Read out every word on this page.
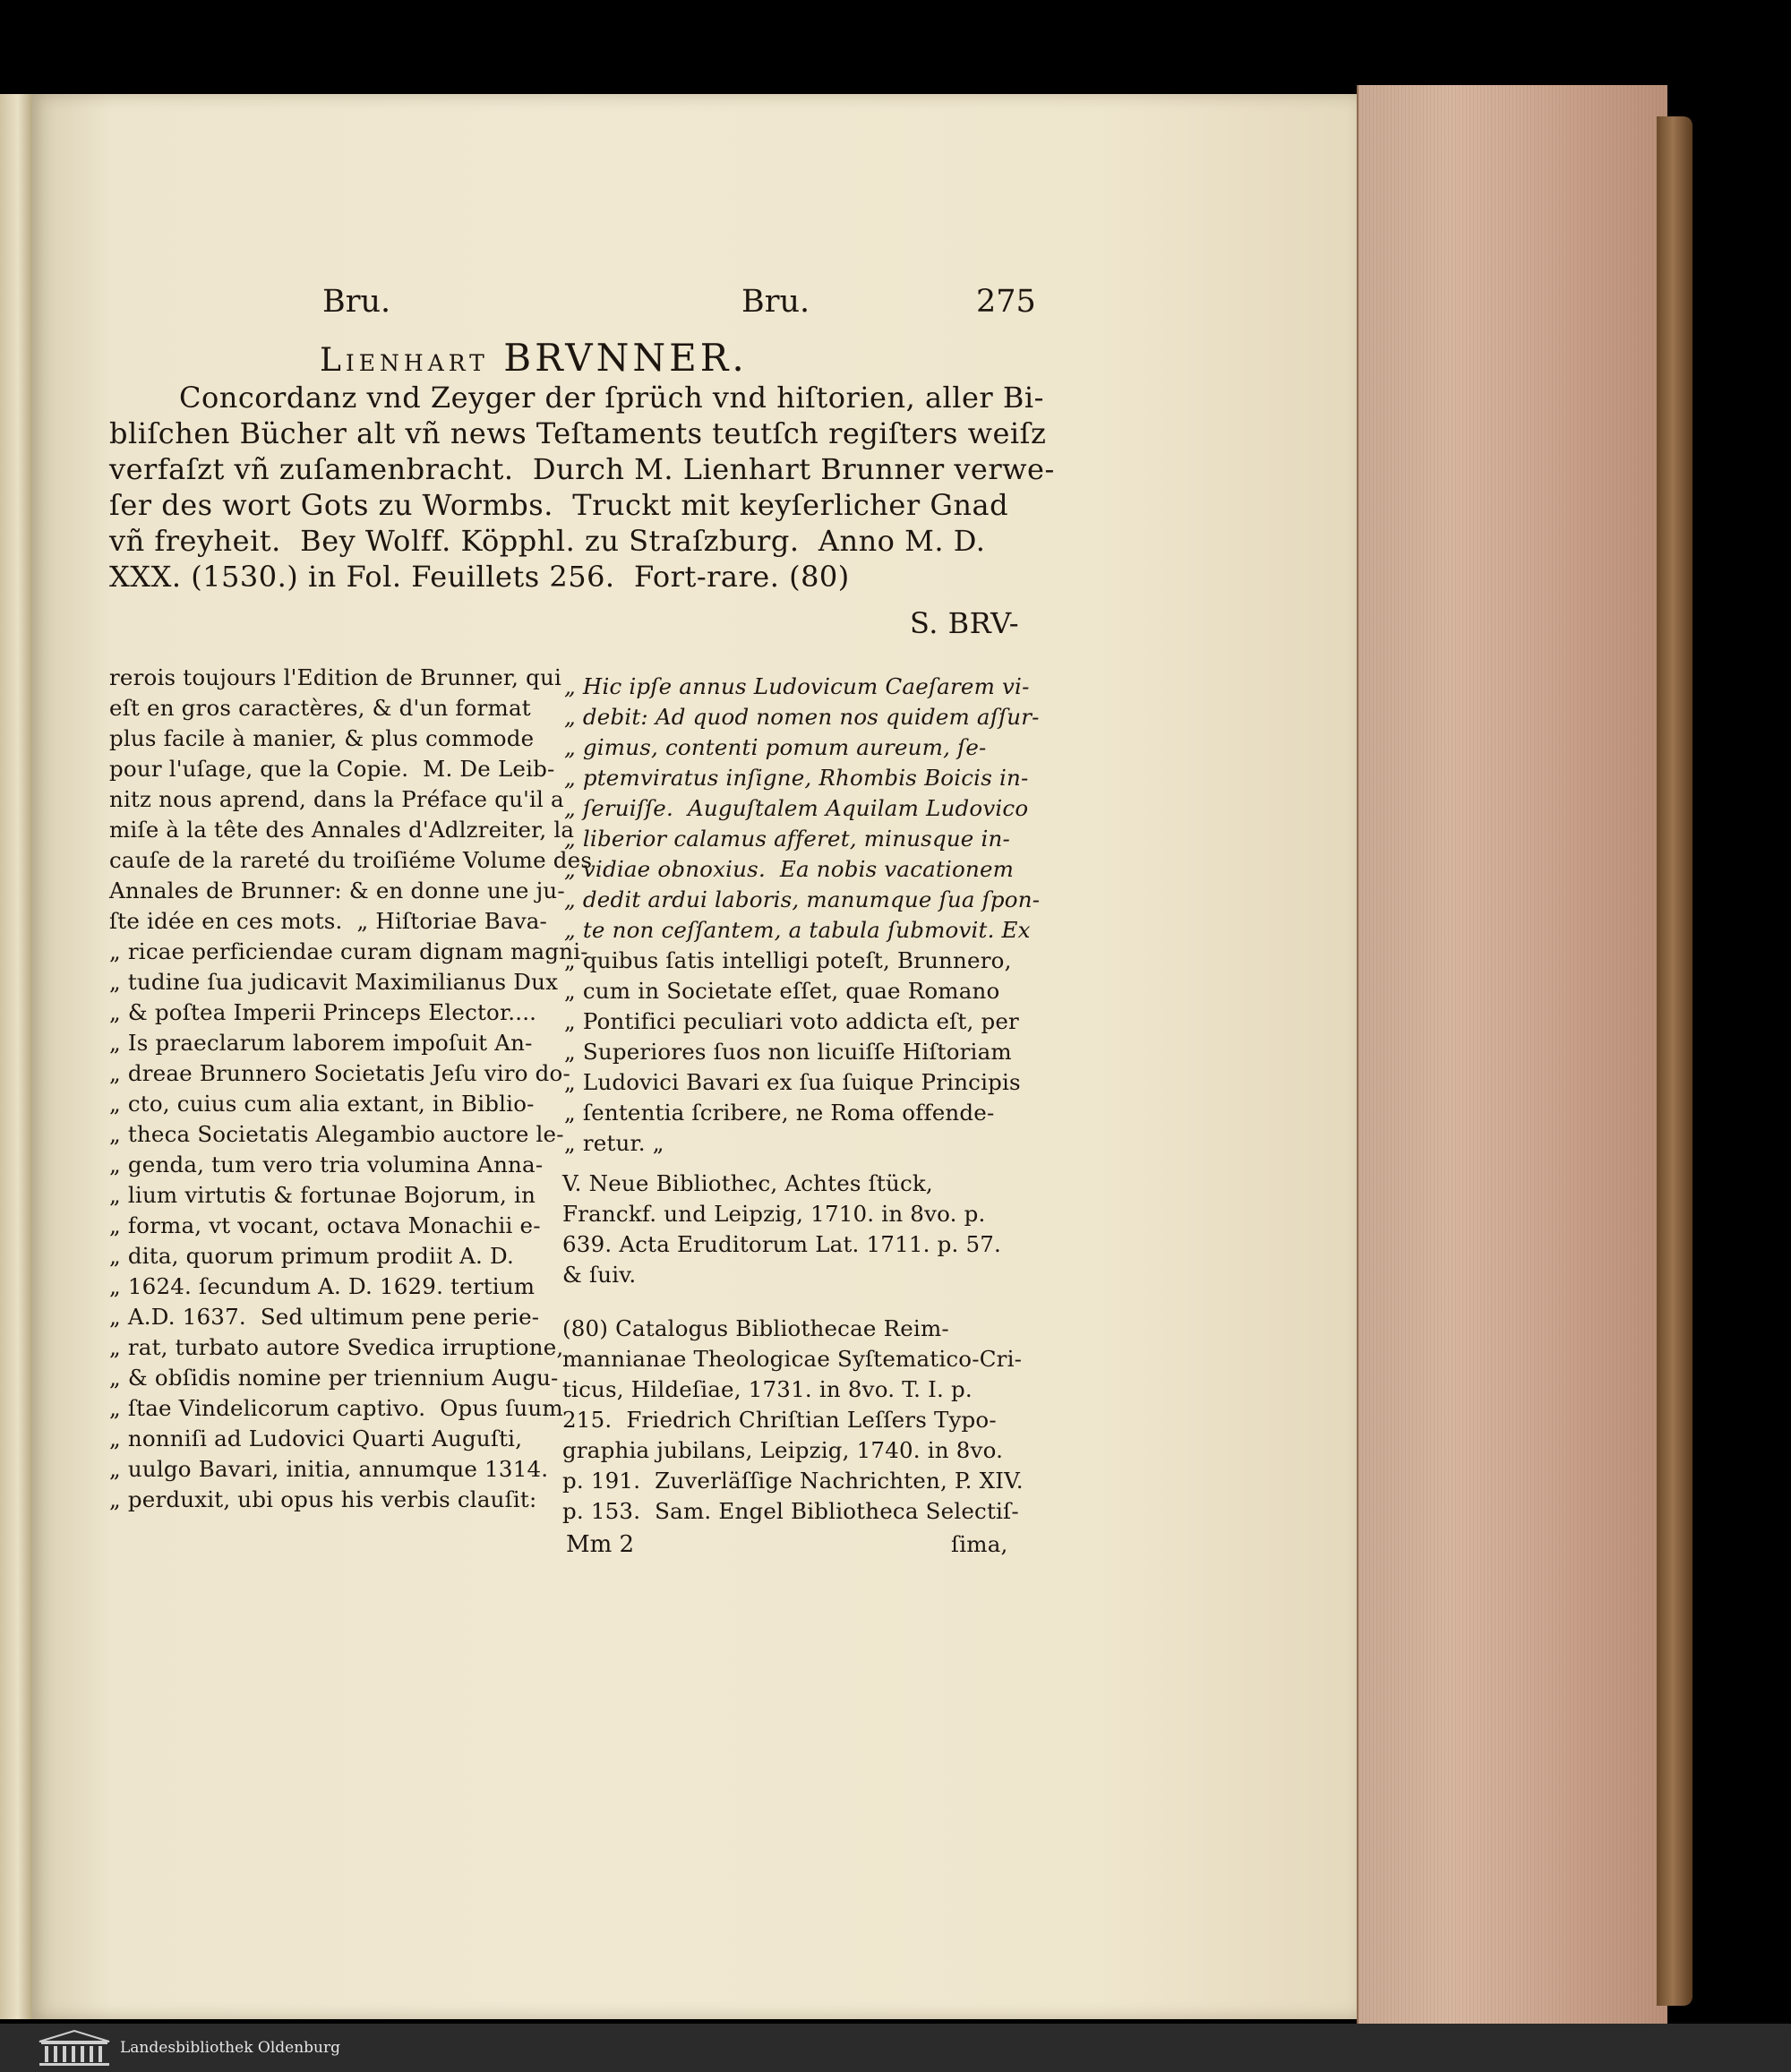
Bru.	Bru.	275
Lienhart BRVNNER.
Concordanz vnd Zeyger der ſprüch vnd hiſtorien, aller Bi-
bliſchen Bücher alt vñ news Teſtaments teutſch regiſters weiſz
verfaſzt vñ zuſamenbracht.  Durch M. Lienhart Brunner verwe-
ſer des wort Gots zu Wormbs.  Truckt mit keyſerlicher Gnad
vñ freyheit.  Bey Wolff. Köpphl. zu Straſzburg.  Anno M. D.
XXX. (1530.) in Fol. Feuillets 256.  Fort-rare. (80)
S. BRV-
rerois toujours l'Edition de Brunner, qui
eſt en gros caractères, & d'un format
plus facile à manier, & plus commode
pour l'uſage, que la Copie.  M. De Leib-
nitz nous aprend, dans la Préface qu'il a
miſe à la tête des Annales d'Adlzreiter, la
cauſe de la rareté du troiſiéme Volume des
Annales de Brunner: & en donne une ju-
ſte idée en ces mots.  „ Hiſtoriae Bava-
„ ricae perficiendae curam dignam magni-
„ tudine ſua judicavit Maximilianus Dux
„ & poſtea Imperii Princeps Elector....
„ Is praeclarum laborem impoſuit An-
„ dreae Brunnero Societatis Jeſu viro do-
„ cto, cuius cum alia extant, in Biblio-
„ theca Societatis Alegambio auctore le-
„ genda, tum vero tria volumina Anna-
„ lium virtutis & fortunae Bojorum, in
„ forma, vt vocant, octava Monachii e-
„ dita, quorum primum prodiit A. D.
„ 1624. ſecundum A. D. 1629. tertium
„ A.D. 1637.  Sed ultimum pene perie-
„ rat, turbato autore Svedica irruptione,
„ & obſidis nomine per triennium Augu-
„ ſtae Vindelicorum captivo.  Opus ſuum
„ nonniſi ad Ludovici Quarti Auguſti,
„ uulgo Bavari, initia, annumque 1314.
„ perduxit, ubi opus his verbis clauſit:
„ Hic ipſe annus Ludovicum Caeſarem vi-
„ debit: Ad quod nomen nos quidem aſſur-
„ gimus, contenti pomum aureum, ſe-
„ ptemviratus inſigne, Rhombis Boicis in-
„ ſeruiſſe.  Auguſtalem Aquilam Ludovico
„ liberior calamus afferet, minusque in-
„ vidiae obnoxius.  Ea nobis vacationem
„ dedit ardui laboris, manumque ſua ſpon-
„ te non ceſſantem, a tabula ſubmovit. Ex
„ quibus ſatis intelligi poteſt, Brunnero,
„ cum in Societate eſſet, quae Romano
„ Pontifici peculiari voto addicta eſt, per
„ Superiores ſuos non licuiſſe Hiſtoriam
„ Ludovici Bavari ex ſua ſuique Principis
„ ſententia ſcribere, ne Roma offende-
„ retur. „
V. Neue Bibliothec, Achtes ſtück,
Franckf. und Leipzig, 1710. in 8vo. p.
639. Acta Eruditorum Lat. 1711. p. 57.
& ſuiv.
(80) Catalogus Bibliothecae Reim-
mannianae Theologicae Syſtematico-Cri-
ticus, Hildeſiae, 1731. in 8vo. T. I. p.
215.  Friedrich Chriſtian Leſſers Typo-
graphia jubilans, Leipzig, 1740. in 8vo.
p. 191.  Zuverläſſige Nachrichten, P. XIV.
p. 153.  Sam. Engel Bibliotheca Selectiſ-
Mm 2	ſima,
Landesbibliothek Oldenburg
